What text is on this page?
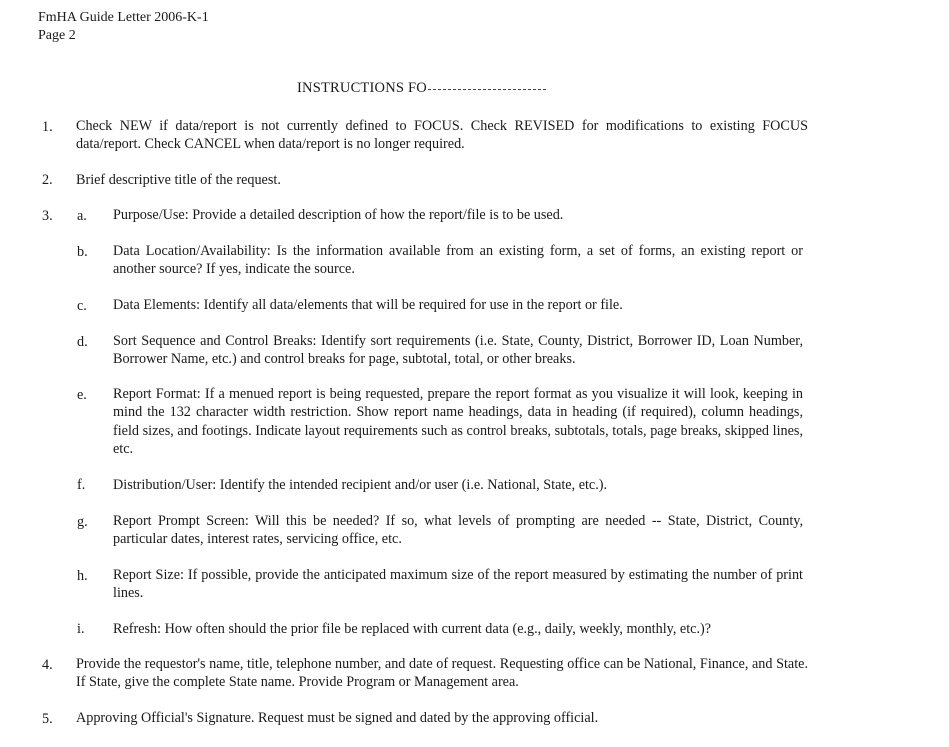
FmHA Guide Letter 2006-K-1
Page 2
INSTRUCTIONS FO
1. Check NEW if data/report is not currently defined to FOCUS. Check REVISED for modifications to existing FOCUS data/report. Check CANCEL when data/report is no longer required.
2. Brief descriptive title of the request.
3. a. Purpose/Use: Provide a detailed description of how the report/file is to be used.
b. Data Location/Availability: Is the information available from an existing form, a set of forms, an existing report or another source? If yes, indicate the source.
c. Data Elements: Identify all data/elements that will be required for use in the report or file.
d. Sort Sequence and Control Breaks: Identify sort requirements (i.e. State, County, District, Borrower ID, Loan Number, Borrower Name, etc.) and control breaks for page, subtotal, total, or other breaks.
e. Report Format: If a menued report is being requested, prepare the report format as you visualize it will look, keeping in mind the 132 character width restriction. Show report name headings, data in heading (if required), column headings, field sizes, and footings. Indicate layout requirements such as control breaks, subtotals, totals, page breaks, skipped lines, etc.
f. Distribution/User: Identify the intended recipient and/or user (i.e. National, State, etc.).
g. Report Prompt Screen: Will this be needed? If so, what levels of prompting are needed -- State, District, County, particular dates, interest rates, servicing office, etc.
h. Report Size: If possible, provide the anticipated maximum size of the report measured by estimating the number of print lines.
i. Refresh: How often should the prior file be replaced with current data (e.g., daily, weekly, monthly, etc.)?
4. Provide the requestor's name, title, telephone number, and date of request. Requesting office can be National, Finance, and State. If State, give the complete State name. Provide Program or Management area.
5. Approving Official's Signature. Request must be signed and dated by the approving official.
